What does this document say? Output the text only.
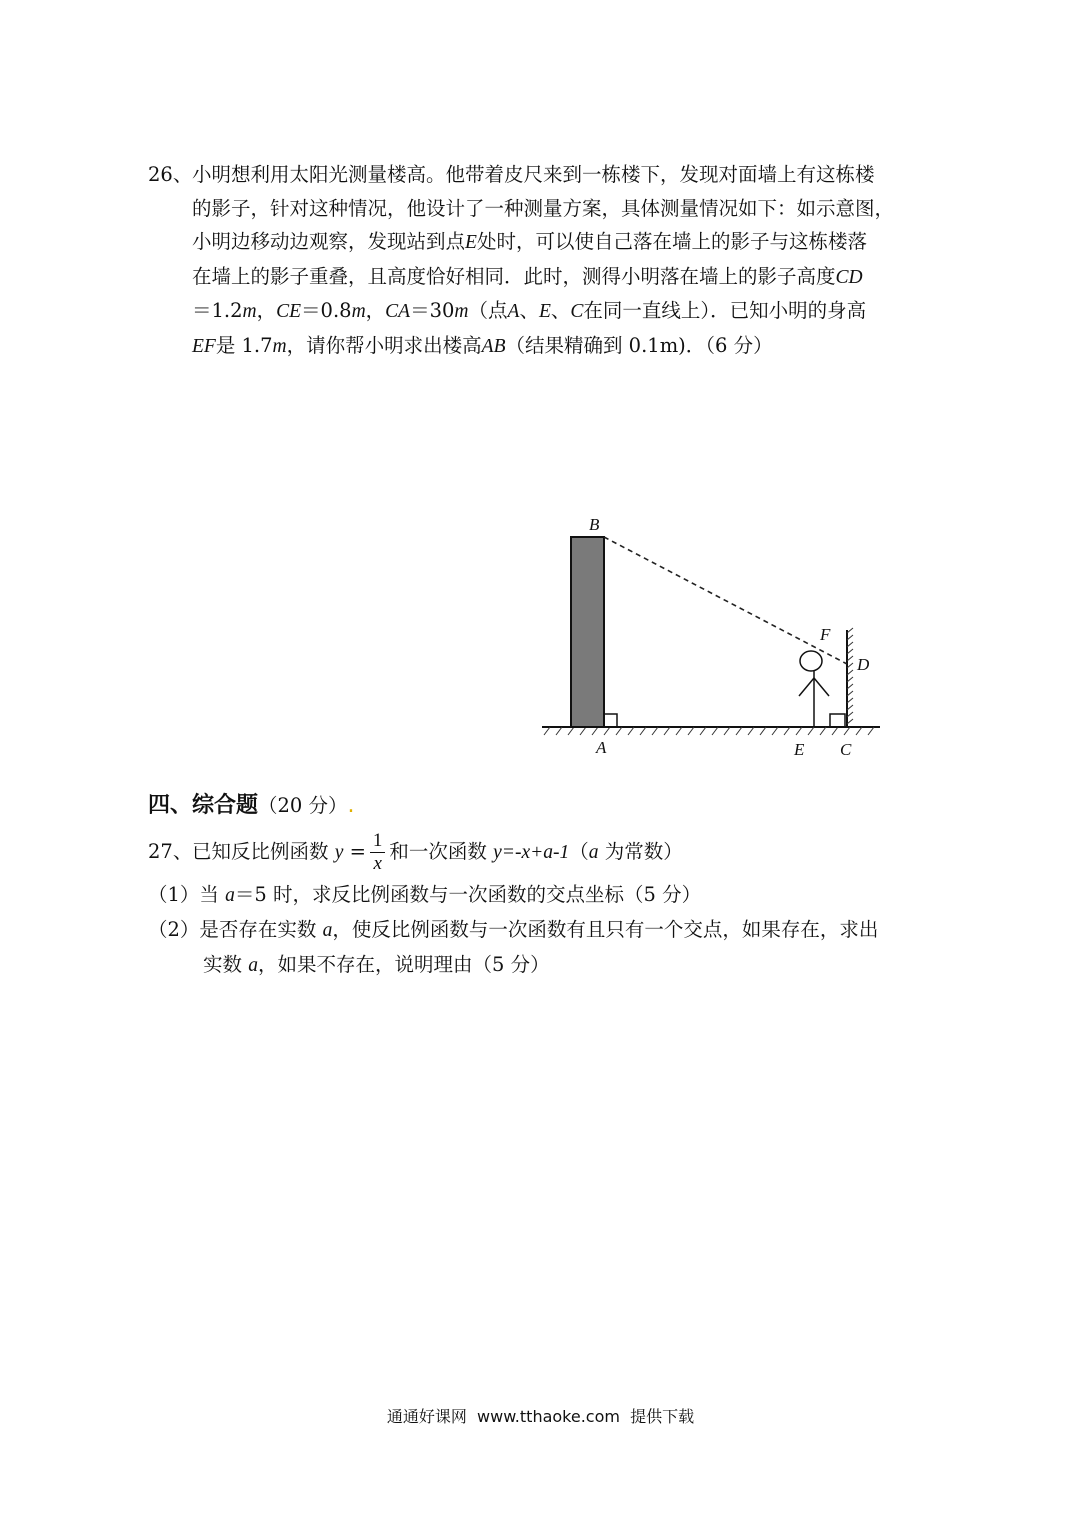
26、小明想利用太阳光测量楼高。他带着皮尺来到一栋楼下，发现对面墙上有这栋楼
的影子，针对这种情况，他设计了一种测量方案，具体测量情况如下：如示意图，
小明边移动边观察，发现站到点E处时，可以使自己落在墙上的影子与这栋楼落
在墙上的影子重叠，且高度恰好相同．此时，测得小明落在墙上的影子高度CD
＝1.2m，CE＝0.8m，CA＝30m（点A、E、C在同一直线上）．已知小明的身高
EF是 1.7m，请你帮小明求出楼高AB（结果精确到 0.1m)．（6 分）
B
F
D
A	E C
四、综合题（20 分）.
27、已知反比例函数 $y = \frac{1}{x}$ 和一次函数 y=-x+a-1（a 为常数）
（1）当 a＝5 时，求反比例函数与一次函数的交点坐标（5 分）
（2）是否存在实数 a，使反比例函数与一次函数有且只有一个交点，如果存在，求出
实数 a，如果不存在，说明理由（5 分）
通通好课网  www.tthaoke.com  提供下载
